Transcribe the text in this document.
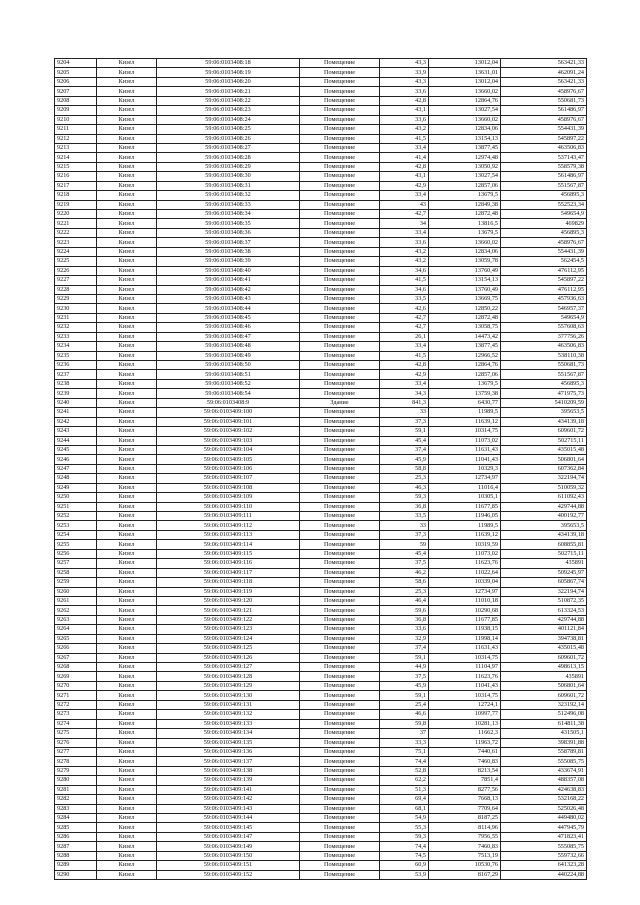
9204	Кизел	59:06:0103408:18	Помещение	43,3	13012,04	563421,33
9205	Кизел	59:06:0103408:19	Помещение	33,9	13631,01	462091,24
9206	Кизел	59:06:0103408:20	Помещение	43,3	13012,04	563421,33
9207	Кизел	59:06:0103408:21	Помещение	33,6	13660,02	458976,67
9208	Кизел	59:06:0103408:22	Помещение	42,8	12864,76	550681,73
9209	Кизел	59:06:0103408:23	Помещение	43,1	13027,54	561486,97
9210	Кизел	59:06:0103408:24	Помещение	33,6	13660,02	458976,67
9211	Кизел	59:06:0103408:25	Помещение	43,2	12834,06	554431,39
9212	Кизел	59:06:0103408:26	Помещение	41,5	13154,13	545897,22
9213	Кизел	59:06:0103408:27	Помещение	33,4	13877,45	463506,83
9214	Кизел	59:06:0103408:28	Помещение	41,4	12974,48	537143,47
9215	Кизел	59:06:0103408:29	Помещение	42,8	13050,92	558579,38
9216	Кизел	59:06:0103408:30	Помещение	43,1	13027,54	561486,97
9217	Кизел	59:06:0103408:31	Помещение	42,9	12857,06	551567,87
9218	Кизел	59:06:0103408:32	Помещение	33,4	13679,5	456895,3
9219	Кизел	59:06:0103408:33	Помещение	43	12849,38	552523,34
9220	Кизел	59:06:0103408:34	Помещение	42,7	12872,48	549654,9
9221	Кизел	59:06:0103408:35	Помещение	34	13816,5	469829
9222	Кизел	59:06:0103408:36	Помещение	33,4	13679,5	456895,3
9223	Кизел	59:06:0103408:37	Помещение	33,6	13660,02	458976,67
9224	Кизел	59:06:0103408:38	Помещение	43,2	12834,06	554431,39
9225	Кизел	59:06:0103408:39	Помещение	43,2	13059,78	562454,5
9226	Кизел	59:06:0103408:40	Помещение	34,6	13760,49	476112,95
9227	Кизел	59:06:0103408:41	Помещение	41,5	13154,13	545897,22
9228	Кизел	59:06:0103408:42	Помещение	34,6	13760,49	476112,95
9229	Кизел	59:06:0103408:43	Помещение	33,5	13669,75	457936,63
9230	Кизел	59:06:0103408:44	Помещение	42,6	12850,22	546957,37
9231	Кизел	59:06:0103408:45	Помещение	42,7	12872,48	549654,9
9232	Кизел	59:06:0103408:46	Помещение	42,7	13058,75	557608,63
9233	Кизел	59:06:0103408:47	Помещение	26,1	14473,42	377756,26
9234	Кизел	59:06:0103408:48	Помещение	33,4	13877,45	463506,83
9235	Кизел	59:06:0103408:49	Помещение	41,5	12966,52	538110,38
9236	Кизел	59:06:0103408:50	Помещение	42,8	12864,76	550681,73
9237	Кизел	59:06:0103408:51	Помещение	42,9	12857,06	551567,87
9238	Кизел	59:06:0103408:52	Помещение	33,4	13679,5	456895,3
9239	Кизел	59:06:0103408:54	Помещение	34,3	13759,38	471975,73
9240	Кизел	59:06:0103408:9	Здание	841,3	6430,77	5410209,59
9241	Кизел	59:06:0103409:100	Помещение	33	11989,5	395653,5
9242	Кизел	59:06:0103409:101	Помещение	37,3	11639,12	434139,18
9243	Кизел	59:06:0103409:102	Помещение	59,1	10314,75	609601,72
9244	Кизел	59:06:0103409:103	Помещение	45,4	11073,02	502715,11
9245	Кизел	59:06:0103409:104	Помещение	37,4	11631,43	435015,48
9246	Кизел	59:06:0103409:105	Помещение	45,9	11041,43	506801,64
9247	Кизел	59:06:0103409:106	Помещение	58,8	10329,3	607362,84
9248	Кизел	59:06:0103409:107	Помещение	25,3	12734,97	322194,74
9249	Кизел	59:06:0103409:108	Помещение	46,3	11016,4	510059,32
9250	Кизел	59:06:0103409:109	Помещение	59,3	10305,1	611092,43
9251	Кизел	59:06:0103409:110	Помещение	36,8	11677,85	429744,88
9252	Кизел	59:06:0103409:111	Помещение	33,5	11946,05	400192,77
9253	Кизел	59:06:0103409:112	Помещение	33	11989,5	395653,5
9254	Кизел	59:06:0103409:113	Помещение	37,3	11639,12	434139,18
9255	Кизел	59:06:0103409:114	Помещение	59	10319,59	608855,81
9256	Кизел	59:06:0103409:115	Помещение	45,4	11073,02	502715,11
9257	Кизел	59:06:0103409:116	Помещение	37,5	11623,76	435891
9258	Кизел	59:06:0103409:117	Помещение	46,2	11022,64	509245,97
9259	Кизел	59:06:0103409:118	Помещение	58,6	10339,04	605867,74
9260	Кизел	59:06:0103409:119	Помещение	25,3	12734,97	322194,74
9261	Кизел	59:06:0103409:120	Помещение	46,4	11010,18	510872,35
9262	Кизел	59:06:0103409:121	Помещение	59,6	10290,68	613324,53
9263	Кизел	59:06:0103409:122	Помещение	36,8	11677,85	429744,88
9264	Кизел	59:06:0103409:123	Помещение	33,6	11938,15	401121,84
9265	Кизел	59:06:0103409:124	Помещение	32,9	11998,14	394738,81
9266	Кизел	59:06:0103409:125	Помещение	37,4	11631,43	435015,48
9267	Кизел	59:06:0103409:126	Помещение	59,1	10314,75	609601,72
9268	Кизел	59:06:0103409:127	Помещение	44,9	11104,97	498613,15
9269	Кизел	59:06:0103409:128	Помещение	37,5	11623,76	435891
9270	Кизел	59:06:0103409:129	Помещение	45,9	11041,43	506801,64
9271	Кизел	59:06:0103409:130	Помещение	59,1	10314,75	609601,72
9272	Кизел	59:06:0103409:131	Помещение	25,4	12724,1	323192,14
9273	Кизел	59:06:0103409:132	Помещение	46,6	10997,77	512496,08
9274	Кизел	59:06:0103409:133	Помещение	59,8	10281,13	614811,38
9275	Кизел	59:06:0103409:134	Помещение	37	11662,3	431505,1
9276	Кизел	59:06:0103409:135	Помещение	33,3	11963,72	398391,88
9277	Кизел	59:06:0103409:136	Помещение	75,1	7440,61	558789,81
9278	Кизел	59:06:0103409:137	Помещение	74,4	7460,83	555085,75
9279	Кизел	59:06:0103409:138	Помещение	52,8	8213,54	433674,91
9280	Кизел	59:06:0103409:139	Помещение	62,2	7851,4	488357,08
9281	Кизел	59:06:0103409:141	Помещение	51,3	8277,56	424638,83
9282	Кизел	59:06:0103409:142	Помещение	69,4	7668,13	532168,22
9283	Кизел	59:06:0103409:143	Помещение	68,1	7709,64	525026,48
9284	Кизел	59:06:0103409:144	Помещение	54,9	8187,25	449480,02
9285	Кизел	59:06:0103409:145	Помещение	55,3	8114,96	447945,79
9286	Кизел	59:06:0103409:147	Помещение	59,3	7956,55	471823,41
9287	Кизел	59:06:0103409:149	Помещение	74,4	7460,83	555085,75
9288	Кизел	59:06:0103409:150	Помещение	74,5	7513,19	559732,66
9289	Кизел	59:06:0103409:151	Помещение	60,9	10530,76	641323,28
9290	Кизел	59:06:0103409:152	Помещение	53,9	8167,29	440224,88
